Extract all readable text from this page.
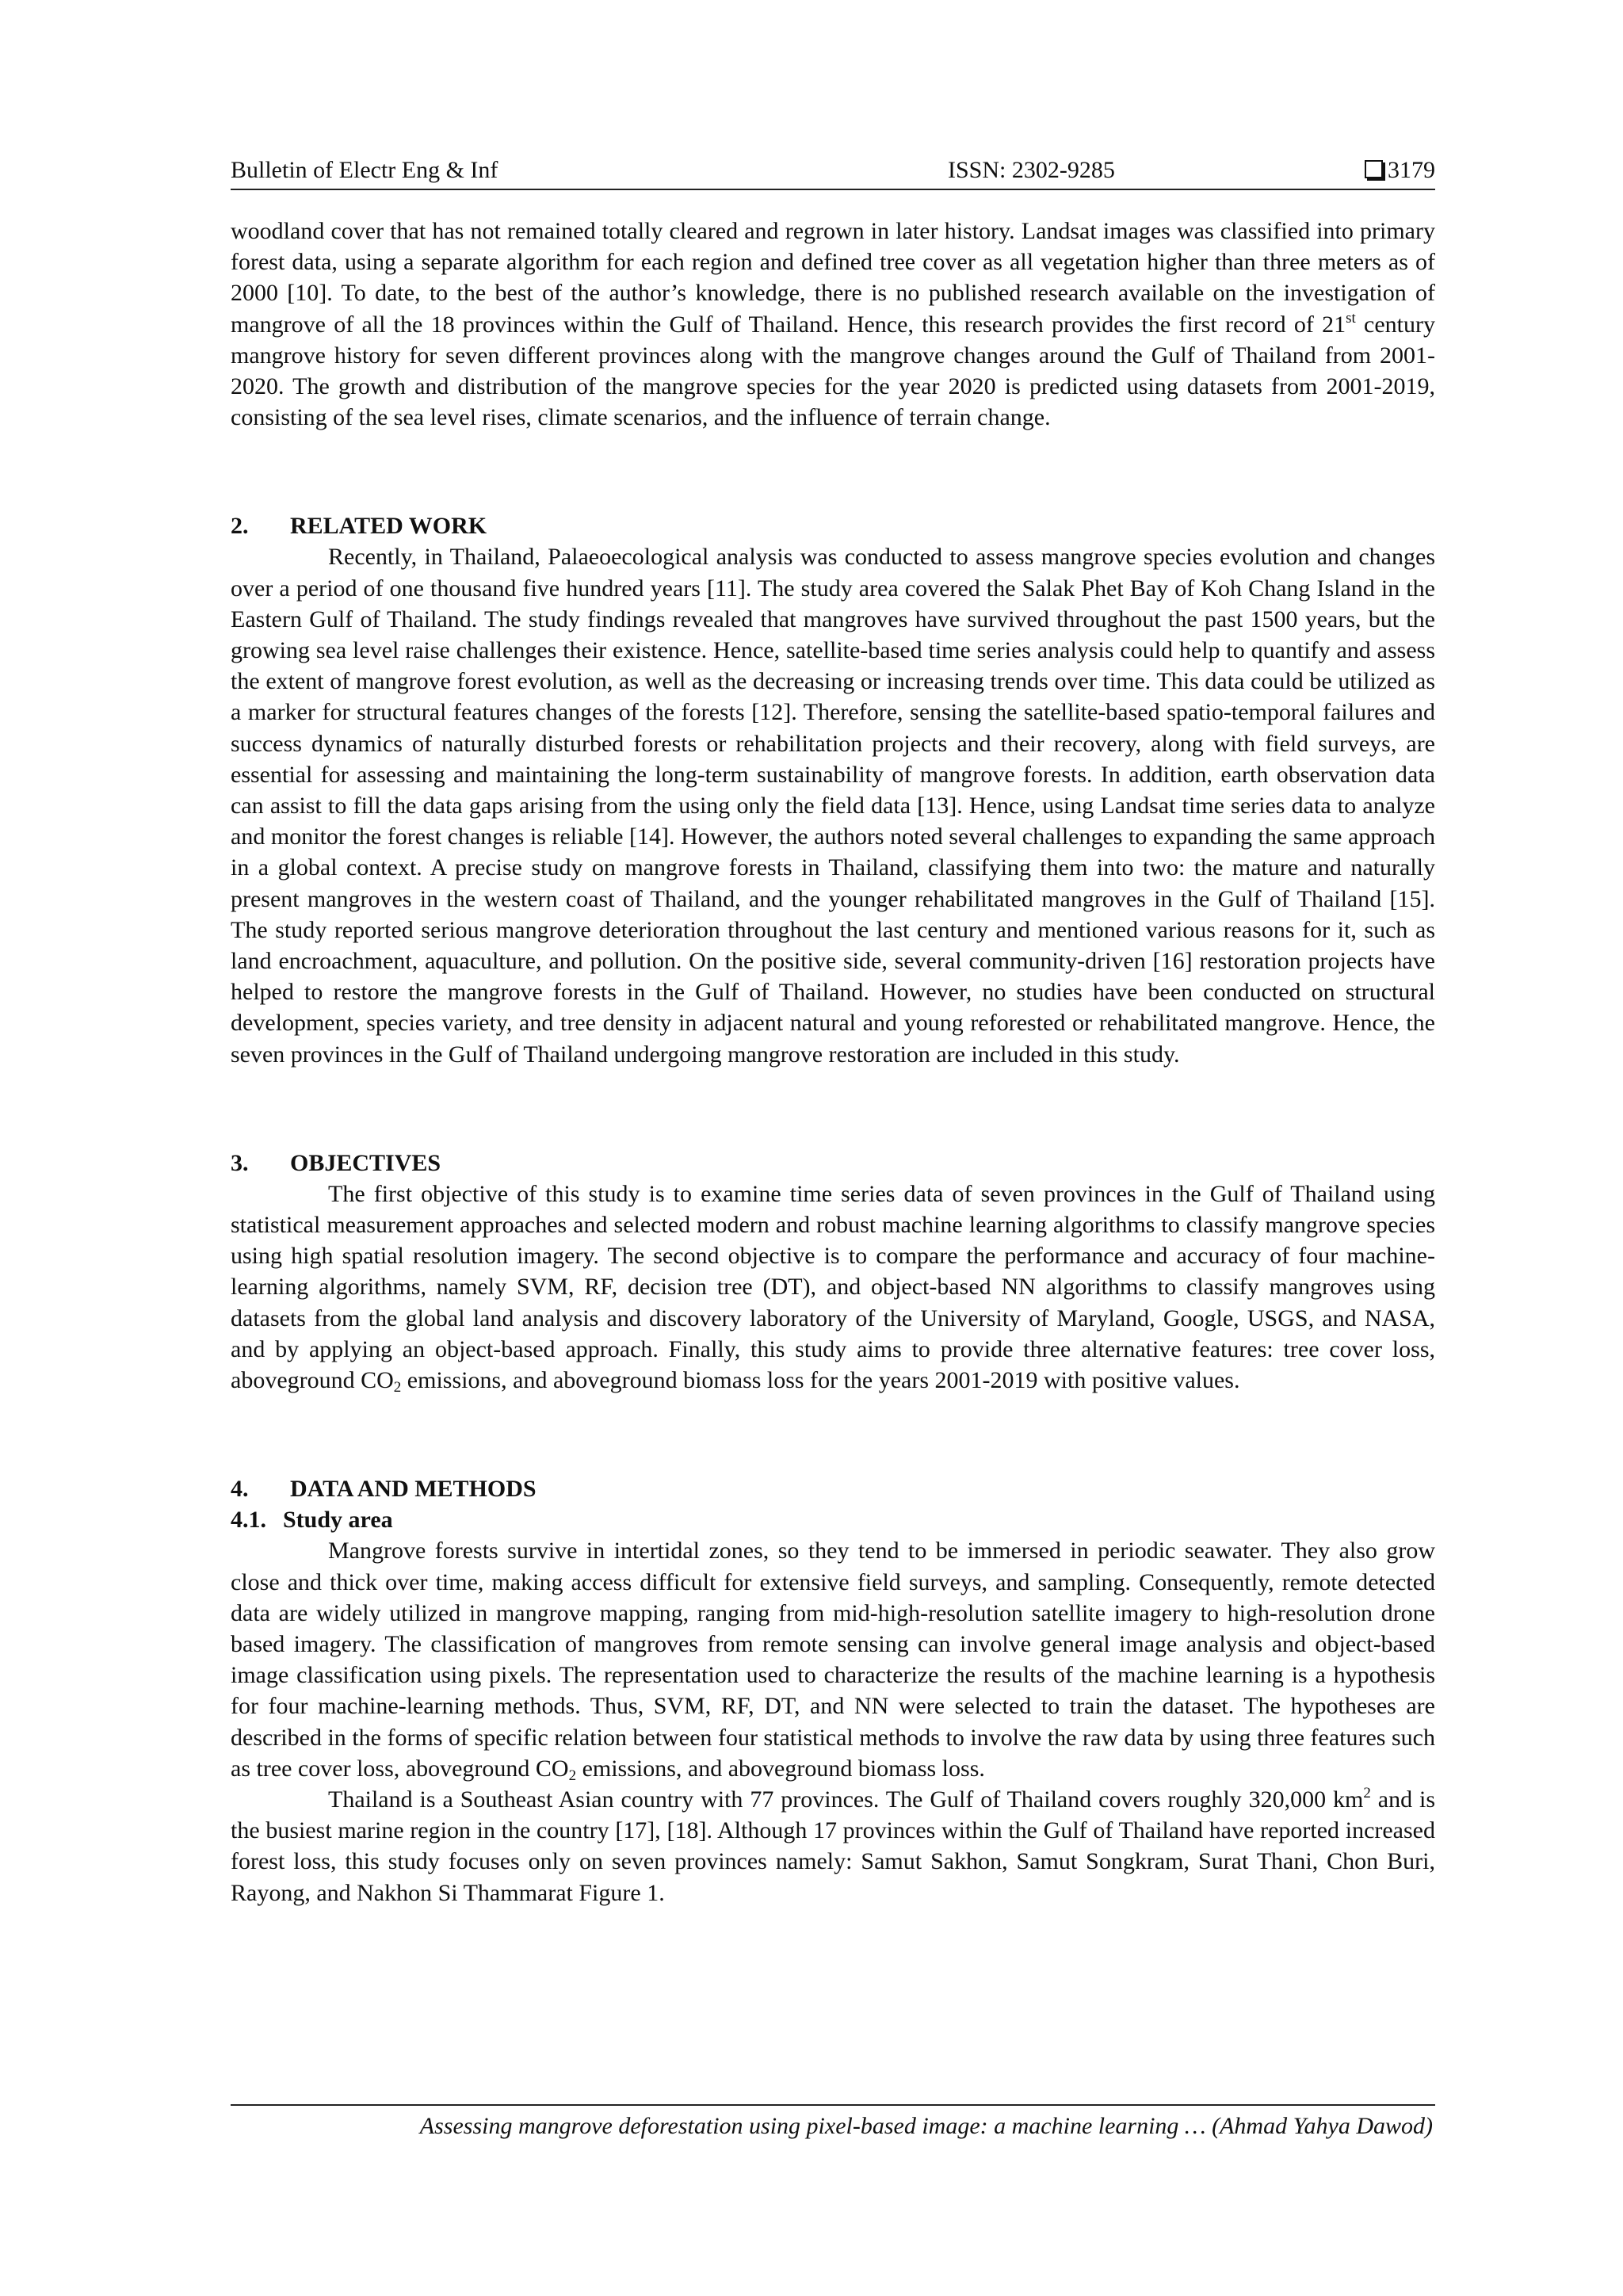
Bulletin of Electr Eng & Inf	ISSN: 2302-9285	3179

woodland cover that has not remained totally cleared and regrown in later history. Landsat images was classified into primary forest data, using a separate algorithm for each region and defined tree cover as all vegetation higher than three meters as of 2000 [10]. To date, to the best of the author’s knowledge, there is no published research available on the investigation of mangrove of all the 18 provinces within the Gulf of Thailand. Hence, this research provides the first record of 21st century mangrove history for seven different provinces along with the mangrove changes around the Gulf of Thailand from 2001-2020. The growth and distribution of the mangrove species for the year 2020 is predicted using datasets from 2001-2019, consisting of the sea level rises, climate scenarios, and the influence of terrain change.

2. RELATED WORK

Recently, in Thailand, Palaeoecological analysis was conducted to assess mangrove species evolution and changes over a period of one thousand five hundred years [11]. The study area covered the Salak Phet Bay of Koh Chang Island in the Eastern Gulf of Thailand. The study findings revealed that mangroves have survived throughout the past 1500 years, but the growing sea level raise challenges their existence. Hence, satellite-based time series analysis could help to quantify and assess the extent of mangrove forest evolution, as well as the decreasing or increasing trends over time. This data could be utilized as a marker for structural features changes of the forests [12]. Therefore, sensing the satellite-based spatio-temporal failures and success dynamics of naturally disturbed forests or rehabilitation projects and their recovery, along with field surveys, are essential for assessing and maintaining the long-term sustainability of mangrove forests. In addition, earth observation data can assist to fill the data gaps arising from the using only the field data [13]. Hence, using Landsat time series data to analyze and monitor the forest changes is reliable [14]. However, the authors noted several challenges to expanding the same approach in a global context. A precise study on mangrove forests in Thailand, classifying them into two: the mature and naturally present mangroves in the western coast of Thailand, and the younger rehabilitated mangroves in the Gulf of Thailand [15]. The study reported serious mangrove deterioration throughout the last century and mentioned various reasons for it, such as land encroachment, aquaculture, and pollution. On the positive side, several community-driven [16] restoration projects have helped to restore the mangrove forests in the Gulf of Thailand. However, no studies have been conducted on structural development, species variety, and tree density in adjacent natural and young reforested or rehabilitated mangrove. Hence, the seven provinces in the Gulf of Thailand undergoing mangrove restoration are included in this study.

3. OBJECTIVES

The first objective of this study is to examine time series data of seven provinces in the Gulf of Thailand using statistical measurement approaches and selected modern and robust machine learning algorithms to classify mangrove species using high spatial resolution imagery. The second objective is to compare the performance and accuracy of four machine-learning algorithms, namely SVM, RF, decision tree (DT), and object-based NN algorithms to classify mangroves using datasets from the global land analysis and discovery laboratory of the University of Maryland, Google, USGS, and NASA, and by applying an object-based approach. Finally, this study aims to provide three alternative features: tree cover loss, aboveground $CO_2$ emissions, and aboveground biomass loss for the years 2001-2019 with positive values.

4. DATA AND METHODS
4.1. Study area

Mangrove forests survive in intertidal zones, so they tend to be immersed in periodic seawater. They also grow close and thick over time, making access difficult for extensive field surveys, and sampling. Consequently, remote detected data are widely utilized in mangrove mapping, ranging from mid-high-resolution satellite imagery to high-resolution drone based imagery. The classification of mangroves from remote sensing can involve general image analysis and object-based image classification using pixels. The representation used to characterize the results of the machine learning is a hypothesis for four machine-learning methods. Thus, SVM, RF, DT, and NN were selected to train the dataset. The hypotheses are described in the forms of specific relation between four statistical methods to involve the raw data by using three features such as tree cover loss, aboveground $CO_2$ emissions, and aboveground biomass loss.

Thailand is a Southeast Asian country with 77 provinces. The Gulf of Thailand covers roughly 320,000 $km^2$ and is the busiest marine region in the country [17], [18]. Although 17 provinces within the Gulf of Thailand have reported increased forest loss, this study focuses only on seven provinces namely: Samut Sakhon, Samut Songkram, Surat Thani, Chon Buri, Rayong, and Nakhon Si Thammarat Figure 1.

Assessing mangrove deforestation using pixel-based image: a machine learning … (Ahmad Yahya Dawod)
